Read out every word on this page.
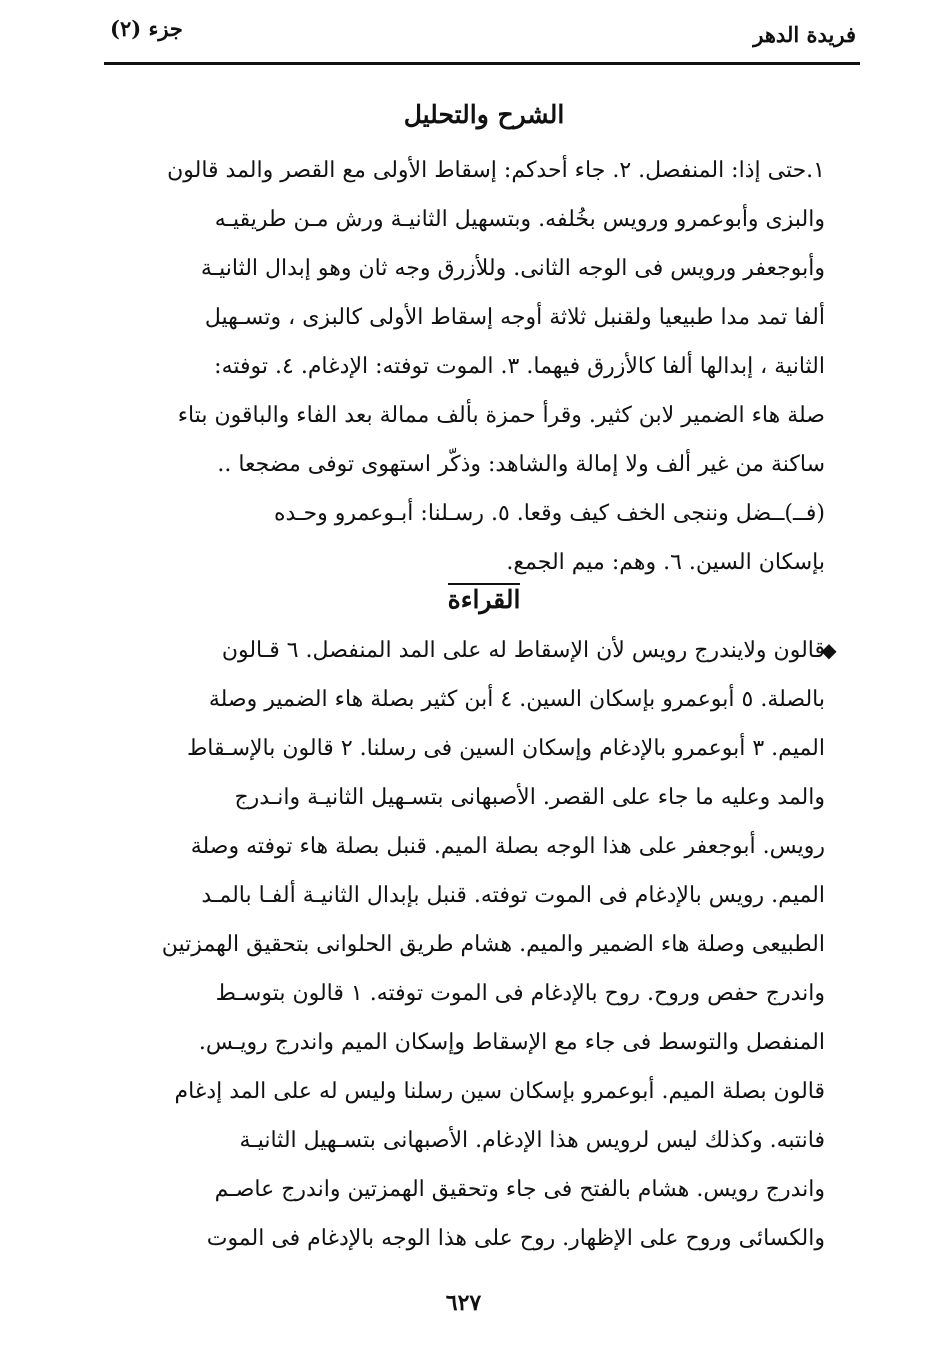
فريدة الدهر
جزء (٢)
الشرح والتحليل
١.حتى إذا: المنفصل. ٢. جاء أحدكم: إسقاط الأولى مع القصر والمد قالون
والبزى وأبوعمرو ورويس بخُلفه. وبتسهيل الثانيـة ورش مـن طريقيـه
وأبوجعفر ورويس فى الوجه الثانى. وللأزرق وجه ثان وهو إبدال الثانيـة
ألفا تمد مدا طبيعيا ولقنبل ثلاثة أوجه إسقاط الأولى كالبزى ، وتسـهيل
الثانية ، إبدالها ألفا كالأزرق فيهما. ٣. الموت توفته: الإدغام. ٤. توفته:
صلة هاء الضمير لابن كثير. وقرأ حمزة بألف ممالة بعد الفاء والباقون بتاء
ساكنة من غير ألف ولا إمالة والشاهد: وذكّر استهوى توفى مضجعا ..
(فــ)ــضل وننجى الخف كيف وقعا. ٥. رسـلنا: أبـوعمرو وحـده
بإسكان السين. ٦. وهم: ميم الجمع.
القراءة
◆
قالون ولايندرج رويس لأن الإسقاط له على المد المنفصل. ٦ قـالون
بالصلة. ٥ أبوعمرو بإسكان السين. ٤ أبن كثير بصلة هاء الضمير وصلة
الميم. ٣ أبوعمرو بالإدغام وإسكان السين فى رسلنا. ٢ قالون بالإسـقاط
والمد وعليه ما جاء على القصر. الأصبهانى بتسـهيل الثانيـة وانـدرج
رويس. أبوجعفر على هذا الوجه بصلة الميم. قنبل بصلة هاء توفته وصلة
الميم. رويس بالإدغام فى الموت توفته. قنبل بإبدال الثانيـة ألفـا بالمـد
الطبيعى وصلة هاء الضمير والميم. هشام طريق الحلوانى بتحقيق الهمزتين
واندرج حفص وروح. روح بالإدغام فى الموت توفته. ١ قالون بتوسـط
المنفصل والتوسط فى جاء مع الإسقاط وإسكان الميم واندرج رويـس.
قالون بصلة الميم. أبوعمرو بإسكان سين رسلنا وليس له على المد إدغام
فانتبه. وكذلك ليس لرويس هذا الإدغام. الأصبهانى بتسـهيل الثانيـة
واندرج رويس. هشام بالفتح فى جاء وتحقيق الهمزتين واندرج عاصـم
والكسائى وروح على الإظهار. روح على هذا الوجه بالإدغام فى الموت
٦٢٧
